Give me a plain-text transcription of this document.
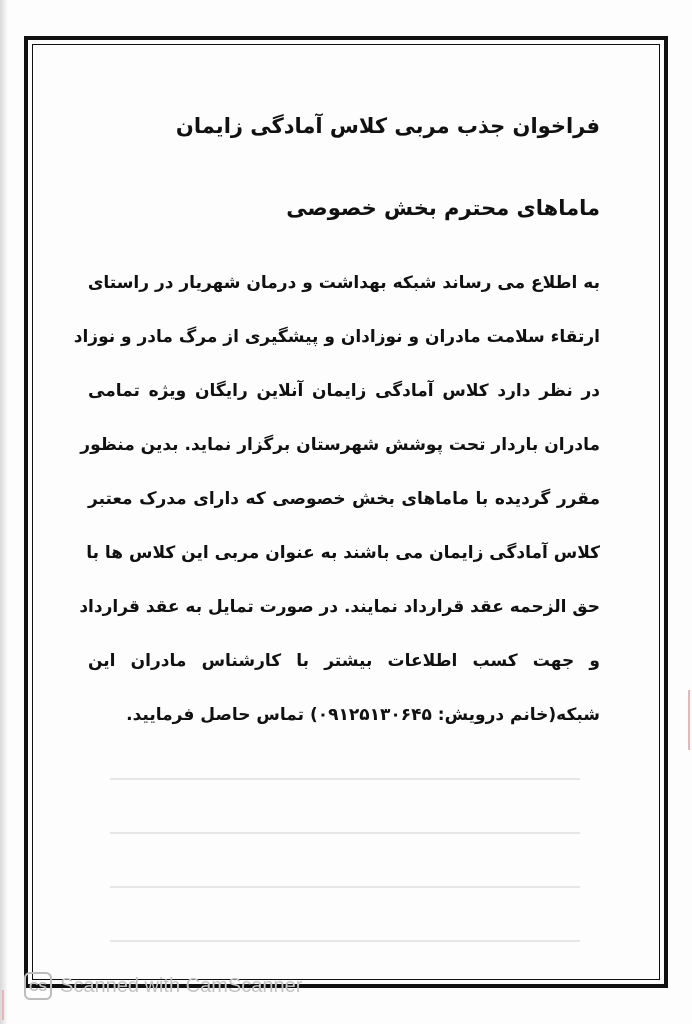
فراخوان جذب مربی کلاس آمادگی زایمان

ماماهای محترم بخش خصوصی

به اطلاع می رساند شبکه بهداشت و درمان شهریار در راستای

ارتقاء سلامت مادران و نوزادان و پیشگیری از مرگ مادر و نوزاد

در نظر دارد کلاس آمادگی زایمان آنلاین رایگان ویژه تمامی

مادران باردار تحت پوشش شهرستان برگزار نماید. بدین منظور

مقرر گردیده با ماماهای بخش خصوصی که دارای مدرک معتبر

کلاس آمادگی زایمان می باشند به عنوان مربی این کلاس ها با

حق الزحمه عقد قرارداد نمایند. در صورت تمایل به عقد قرارداد

و جهت کسب اطلاعات بیشتر با کارشناس مادران این

شبکه(خانم درویش: ۰۹۱۲۵۱۳۰۶۴۵) تماس حاصل فرمایید.

CS Scanned with CamScanner
